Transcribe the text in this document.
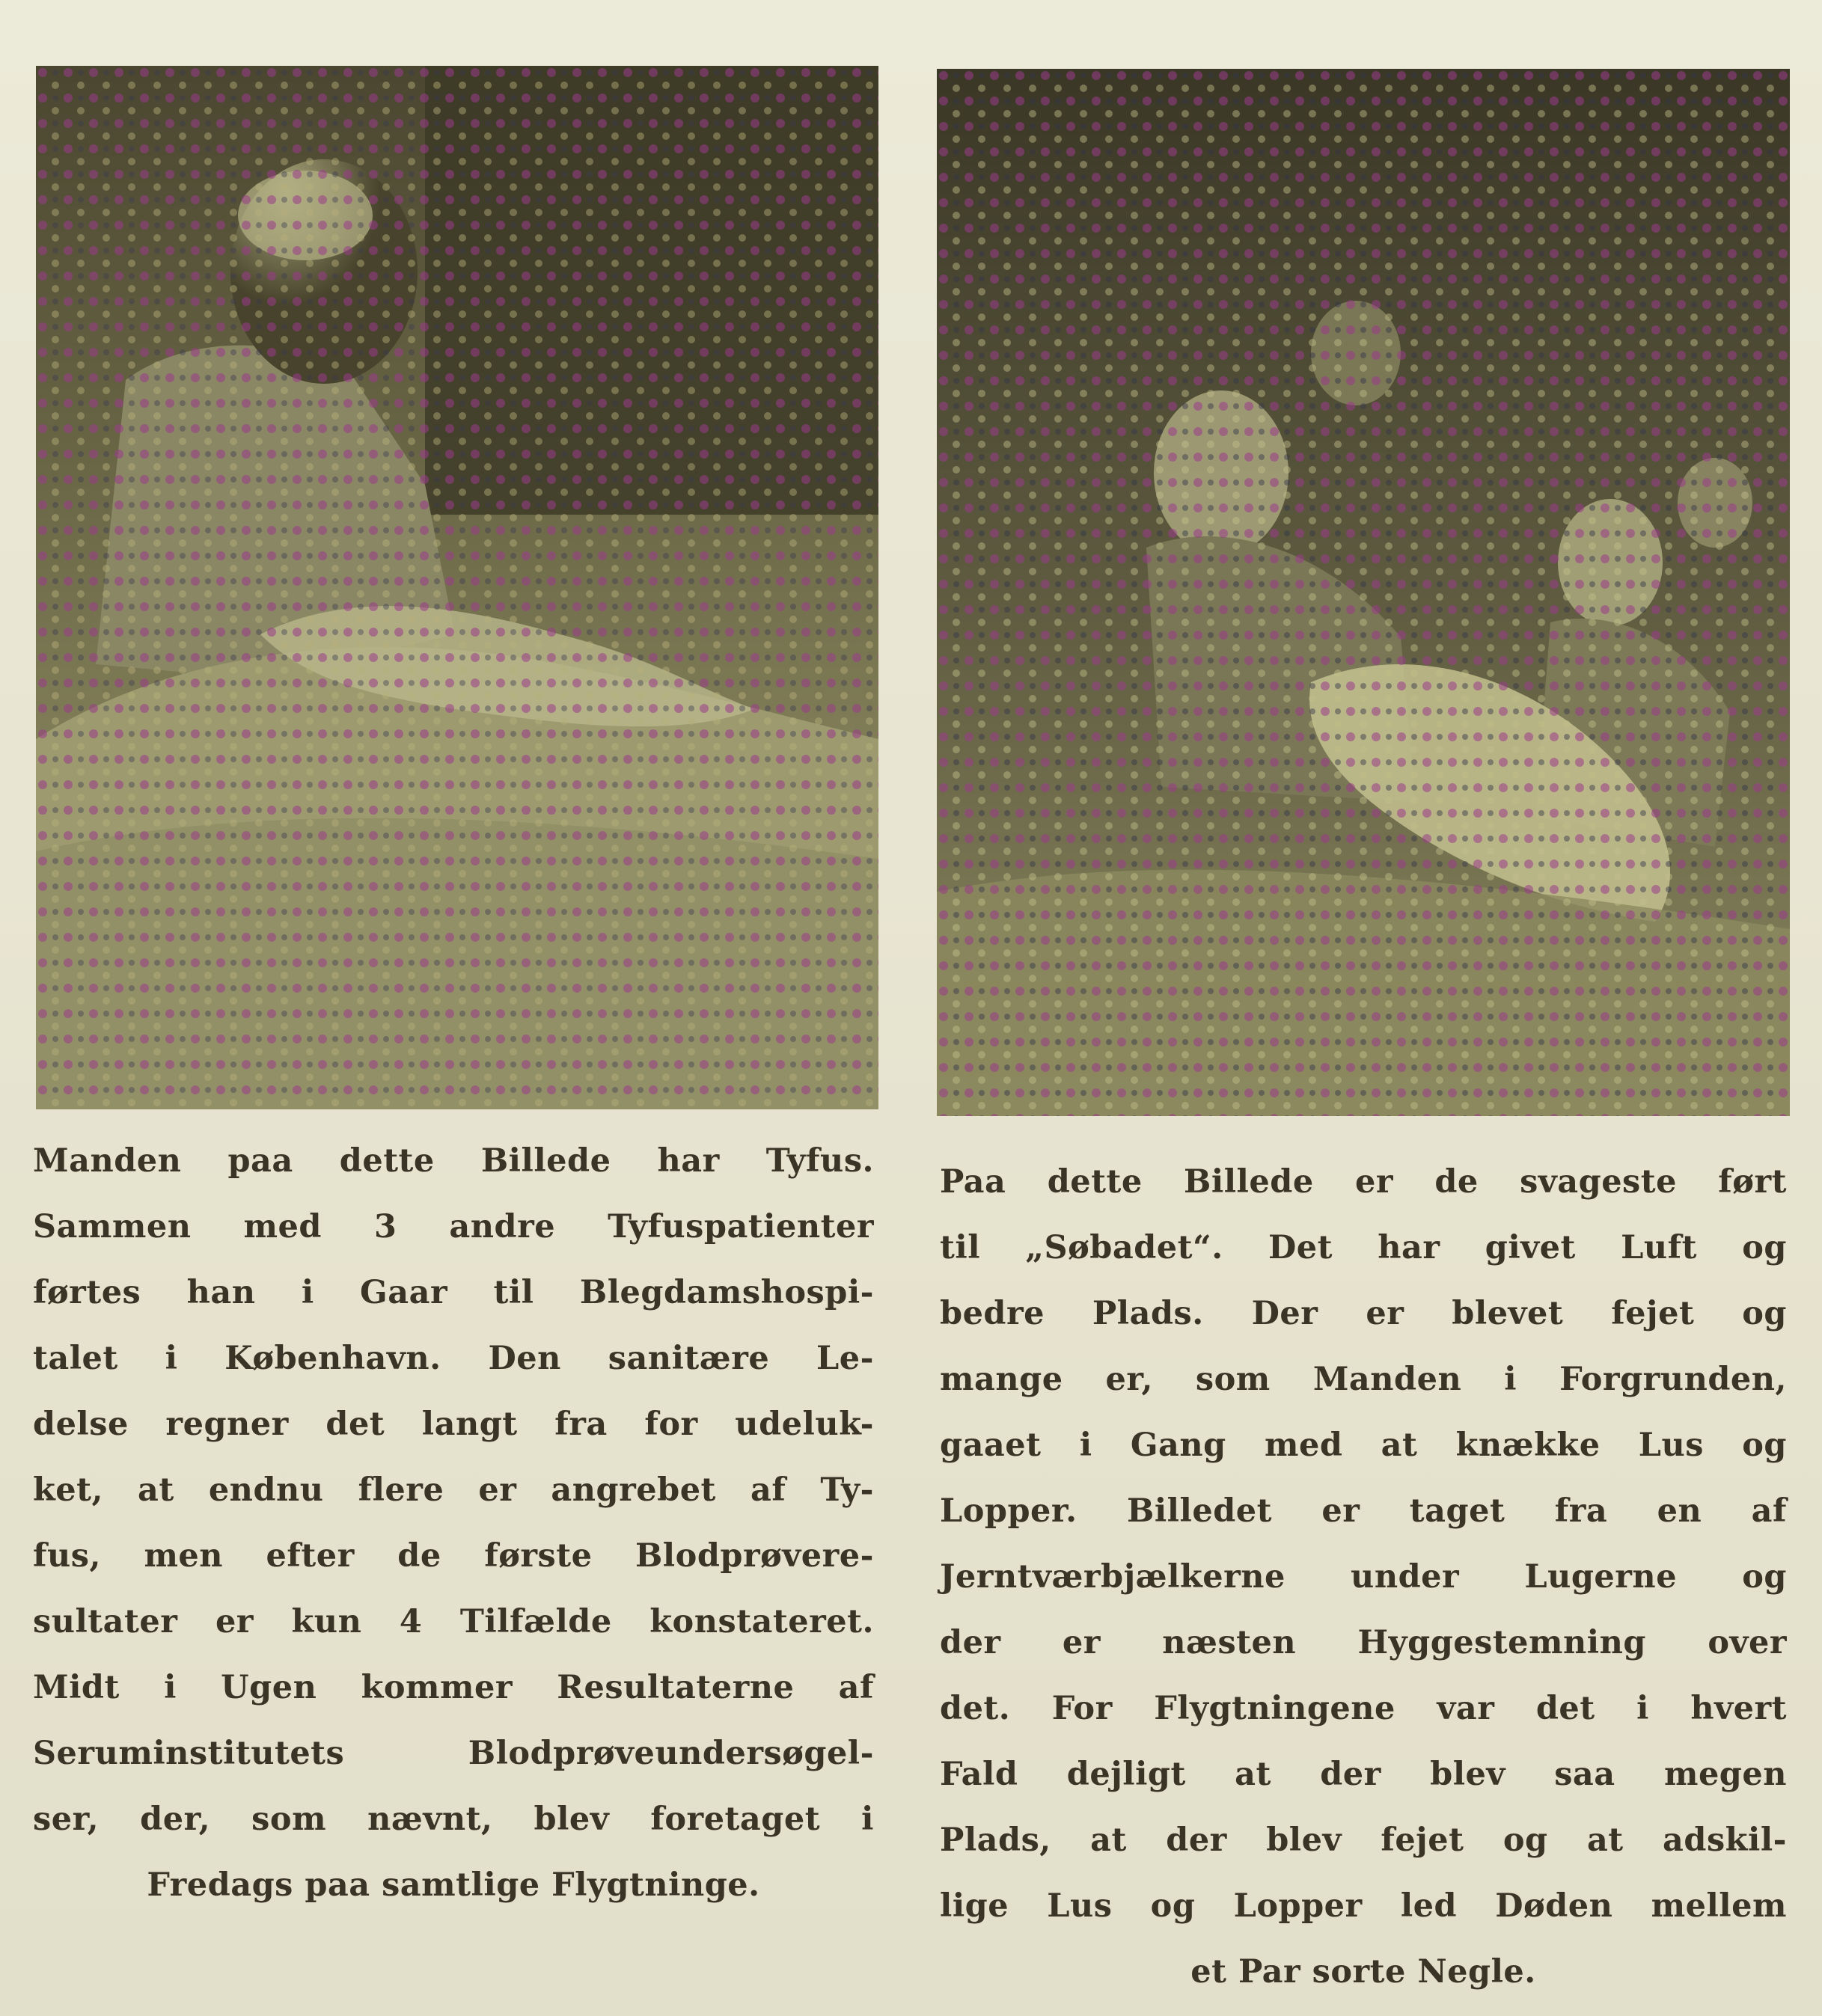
Manden paa dette Billede har Tyfus.
Sammen med 3 andre Tyfuspatienter
førtes han i Gaar til Blegdamshospi-
talet i København. Den sanitære Le-
delse regner det langt fra for udeluk-
ket, at endnu flere er angrebet af Ty-
fus, men efter de første Blodprøvere-
sultater er kun 4 Tilfælde konstateret.
Midt i Ugen kommer Resultaterne af
Seruminstitutets Blodprøveundersøgel-
ser, der, som nævnt, blev foretaget i
Fredags paa samtlige Flygtninge.
Paa dette Billede er de svageste ført
til „Søbadet“. Det har givet Luft og
bedre Plads. Der er blevet fejet og
mange er, som Manden i Forgrunden,
gaaet i Gang med at knække Lus og
Lopper. Billedet er taget fra en af
Jerntværbjælkerne under Lugerne og
der er næsten Hyggestemning over
det. For Flygtningene var det i hvert
Fald dejligt at der blev saa megen
Plads, at der blev fejet og at adskil-
lige Lus og Lopper led Døden mellem
et Par sorte Negle.
